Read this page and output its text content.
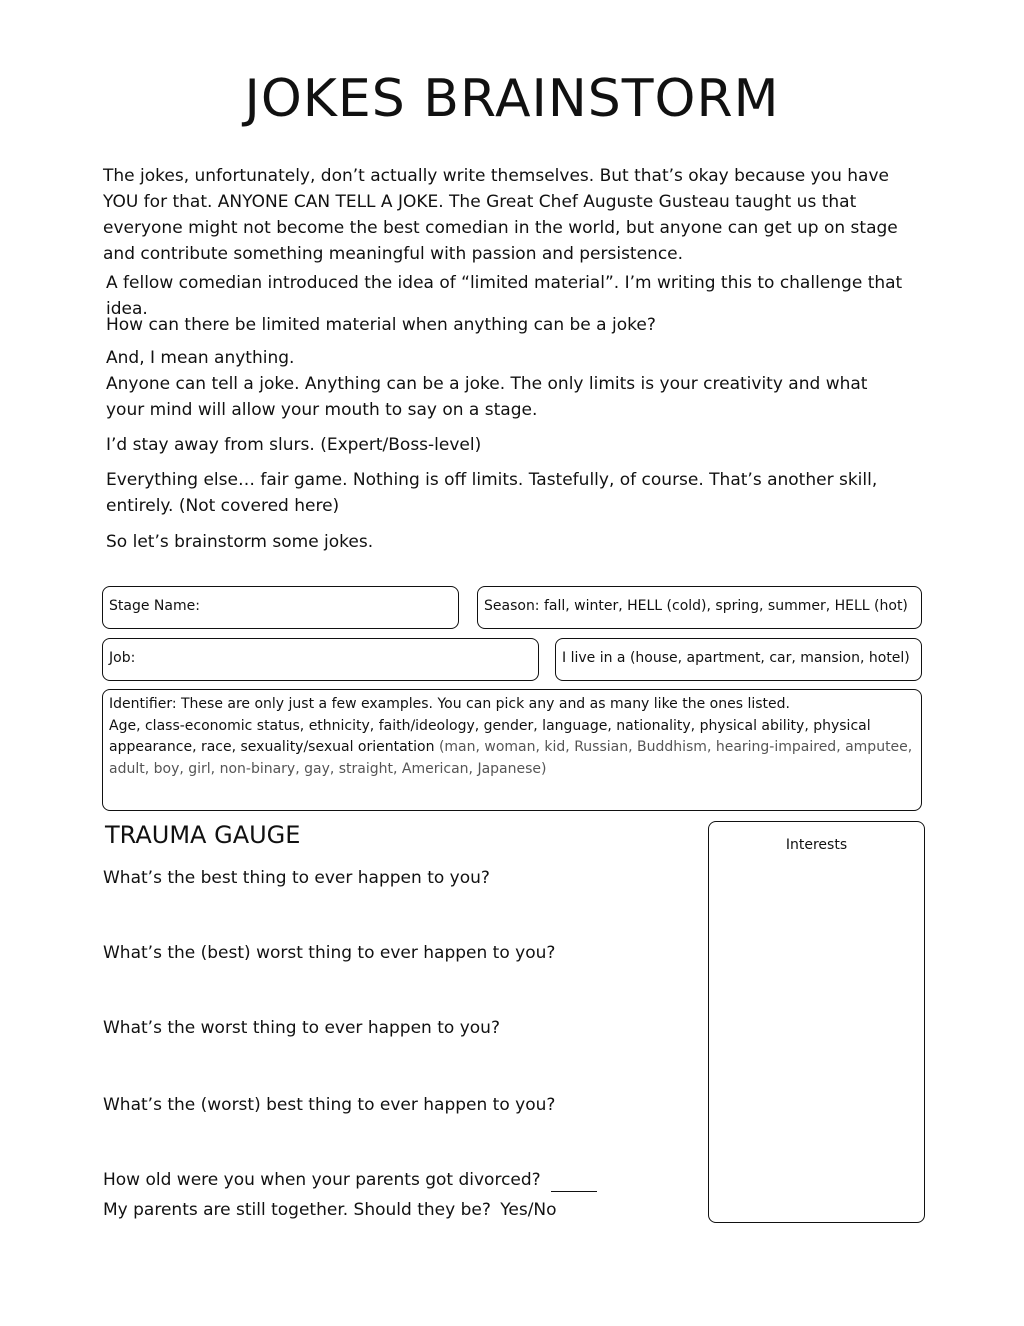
JOKES BRAINSTORM

The jokes, unfortunately, don’t actually write themselves. But that’s okay because you have YOU for that. ANYONE CAN TELL A JOKE. The Great Chef Auguste Gusteau taught us that everyone might not become the best comedian in the world, but anyone can get up on stage and contribute something meaningful with passion and persistence.

A fellow comedian introduced the idea of “limited material”. I’m writing this to challenge that idea.

How can there be limited material when anything can be a joke?

And, I mean anything.

Anyone can tell a joke. Anything can be a joke. The only limits is your creativity and what your mind will allow your mouth to say on a stage.

I’d stay away from slurs. (Expert/Boss-level)

Everything else… fair game. Nothing is off limits. Tastefully, of course. That’s another skill, entirely. (Not covered here)

So let’s brainstorm some jokes.

Stage Name:	Season: fall, winter, HELL (cold), spring, summer, HELL (hot)
Job:	I live in a (house, apartment, car, mansion, hotel)
Identifier: These are only just a few examples. You can pick any and as many like the ones listed.
Age, class-economic status, ethnicity, faith/ideology, gender, language, nationality, physical ability, physical appearance, race, sexuality/sexual orientation (man, woman, kid, Russian, Buddhism, hearing-impaired, amputee, adult, boy, girl, non-binary, gay, straight, American, Japanese)
TRAUMA GAUGE
What’s the best thing to ever happen to you?
What’s the (best) worst thing to ever happen to you?
What’s the worst thing to ever happen to you?
What’s the (worst) best thing to ever happen to you?
How old were you when your parents got divorced?
My parents are still together. Should they be? Yes/No
Interests
